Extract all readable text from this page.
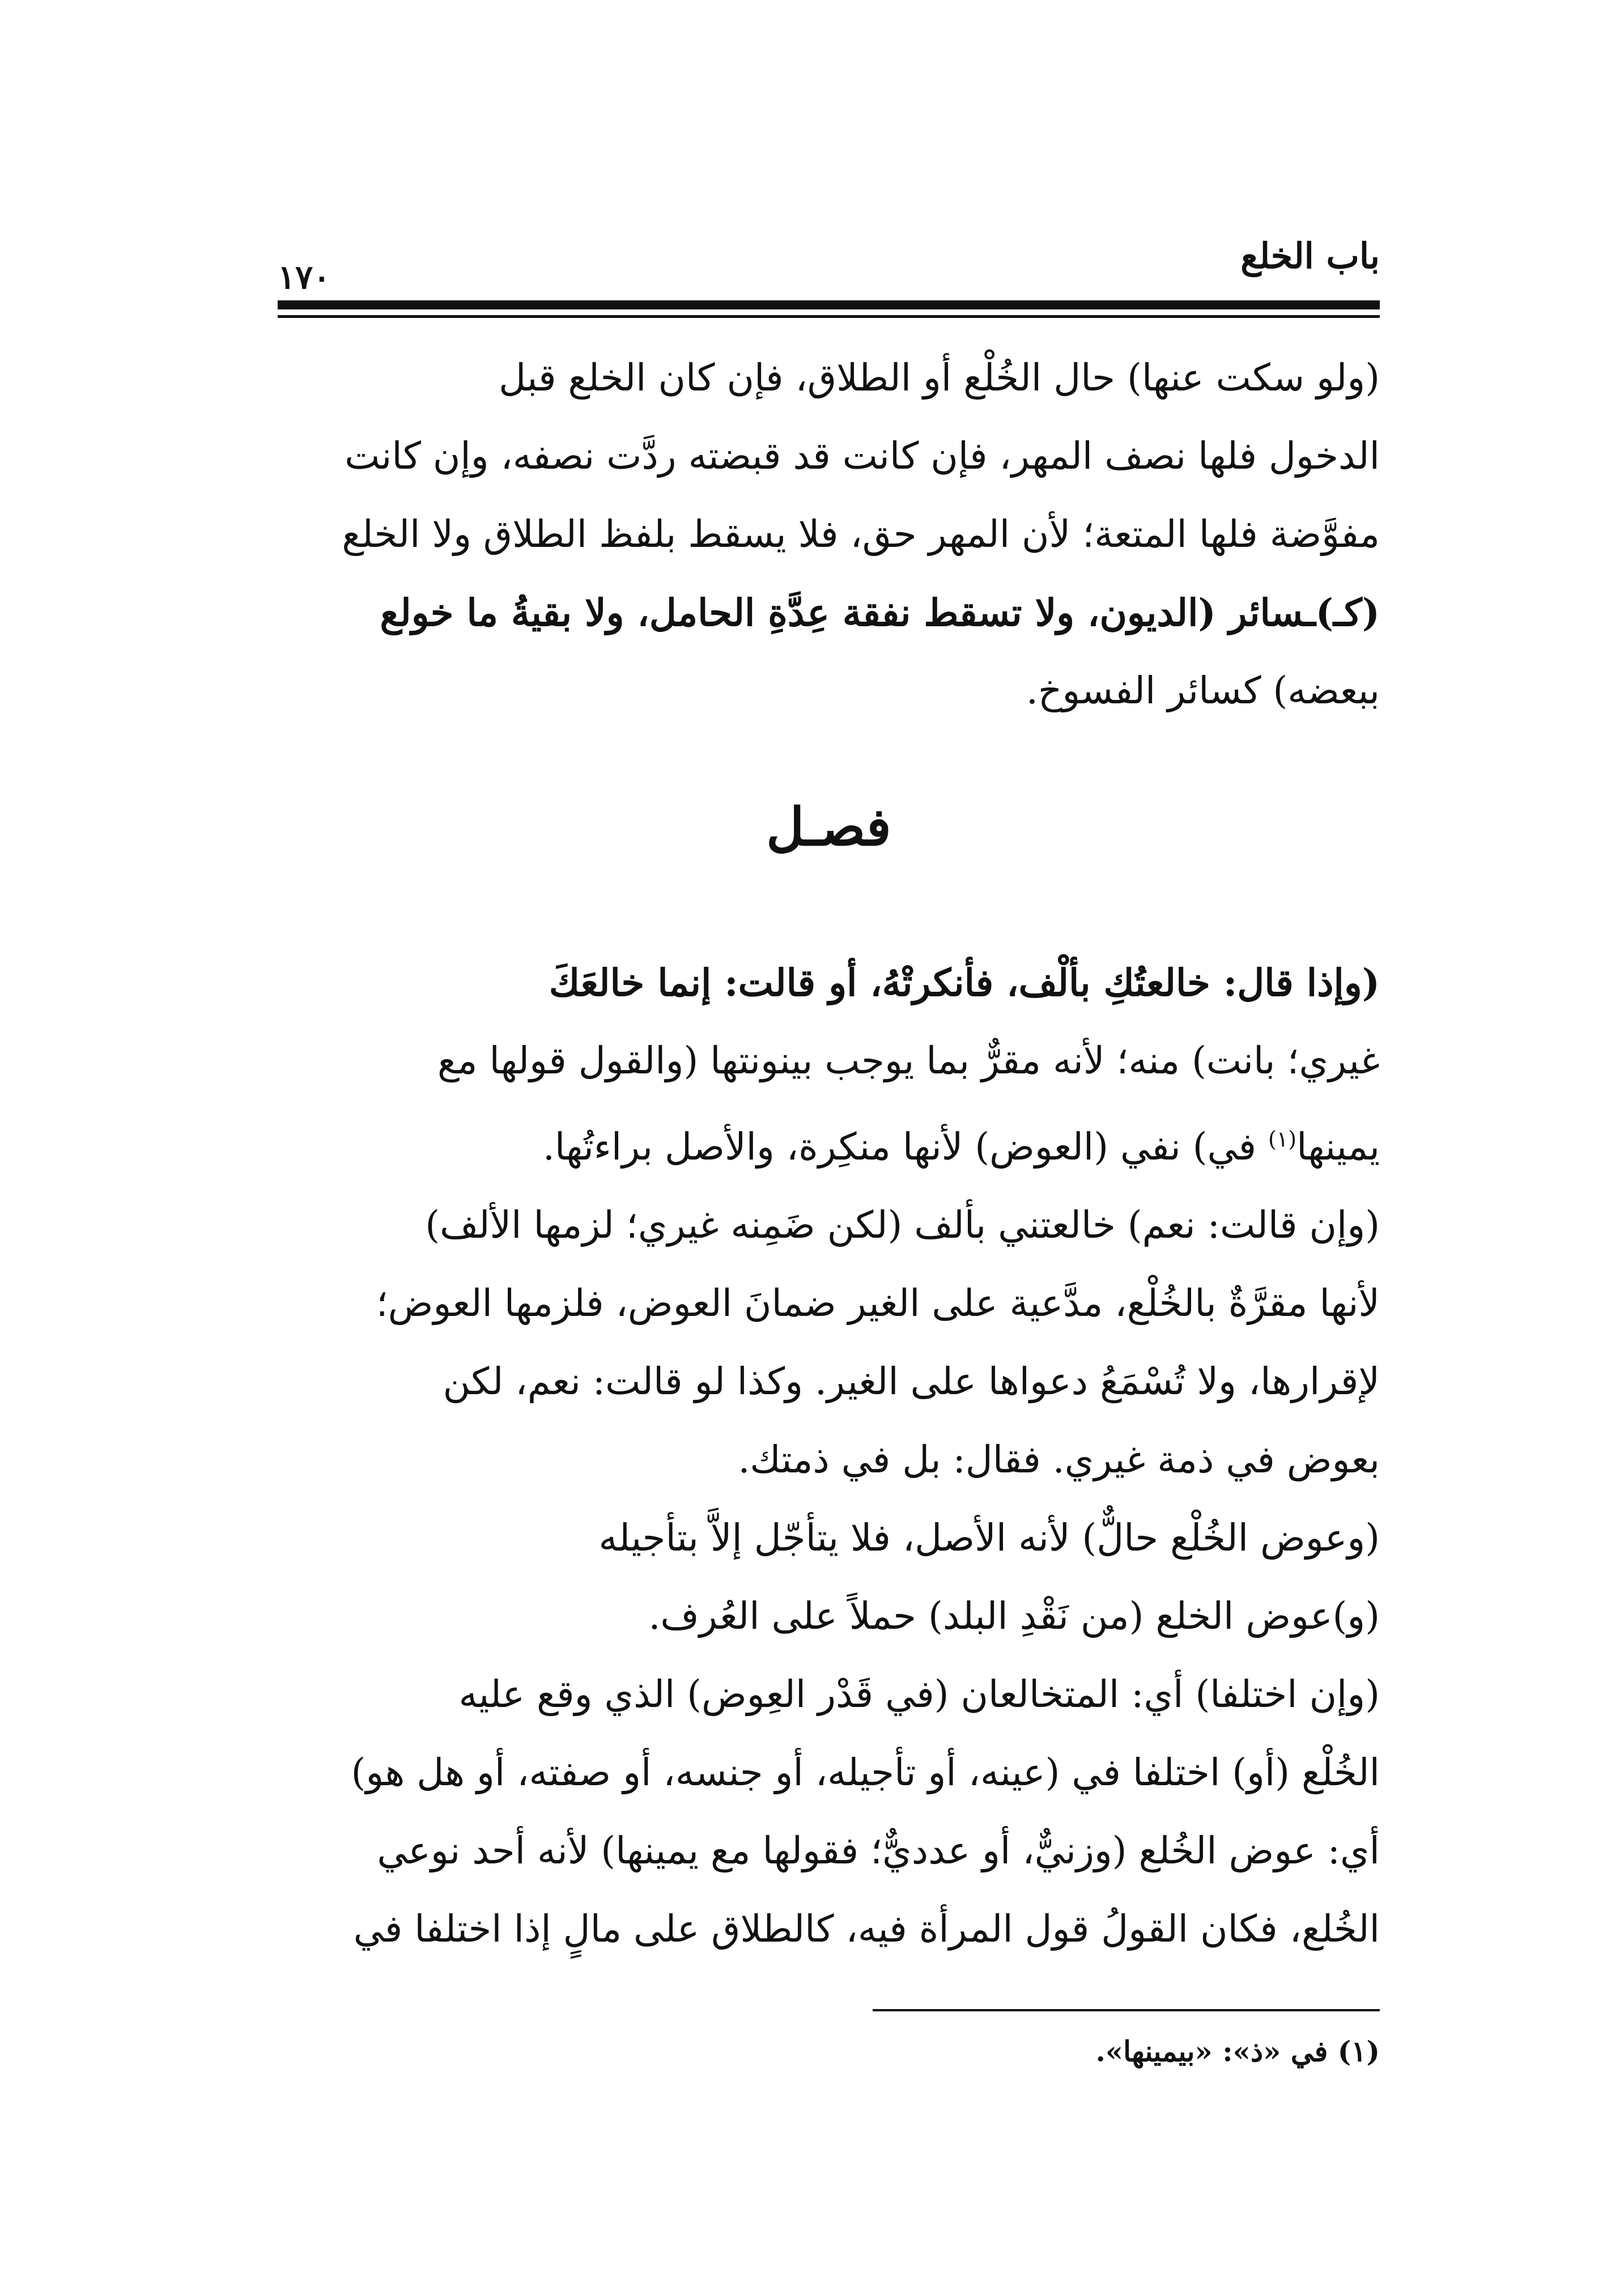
باب الخلع
١٧٠
(ولو سكت عنها) حال الخُلْع أو الطلاق، فإن كان الخلع قبل
الدخول فلها نصف المهر، فإن كانت قد قبضته ردَّت نصفه، وإن كانت
مفوَّضة فلها المتعة؛ لأن المهر حق، فلا يسقط بلفظ الطلاق ولا الخلع
(كـ)ـسائر (الديون، ولا تسقط نفقة عِدَّةِ الحامل، ولا بقيةُ ما خولع
ببعضه) كسائر الفسوخ.
فصـل
(وإذا قال: خالعتُكِ بألْف، فأنكرتْهُ، أو قالت: إنما خالعَكَ
غيري؛ بانت) منه؛ لأنه مقرٌّ بما يوجب بينونتها (والقول قولها مع
يمينها$^{(١)}$ في) نفي (العوض) لأنها منكِرة، والأصل براءتُها.
(وإن قالت: نعم) خالعتني بألف (لكن ضَمِنه غيري؛ لزمها الألف)
لأنها مقرَّةٌ بالخُلْع، مدَّعية على الغير ضمانَ العوض، فلزمها العوض؛
لإقرارها، ولا تُسْمَعُ دعواها على الغير. وكذا لو قالت: نعم، لكن
بعوض في ذمة غيري. فقال: بل في ذمتك.
(وعوض الخُلْع حالٌّ) لأنه الأصل، فلا يتأجّل إلاَّ بتأجيله
(و)عوض الخلع (من نَقْدِ البلد) حملاً على العُرف.
(وإن اختلفا) أي: المتخالعان (في قَدْر العِوض) الذي وقع عليه
الخُلْع (أو) اختلفا في (عينه، أو تأجيله، أو جنسه، أو صفته، أو هل هو)
أي: عوض الخُلع (وزنيٌّ، أو عدديٌّ؛ فقولها مع يمينها) لأنه أحد نوعي
الخُلع، فكان القولُ قول المرأة فيه، كالطلاق على مالٍ إذا اختلفا في
(١) في «ذ»: «بيمينها».
